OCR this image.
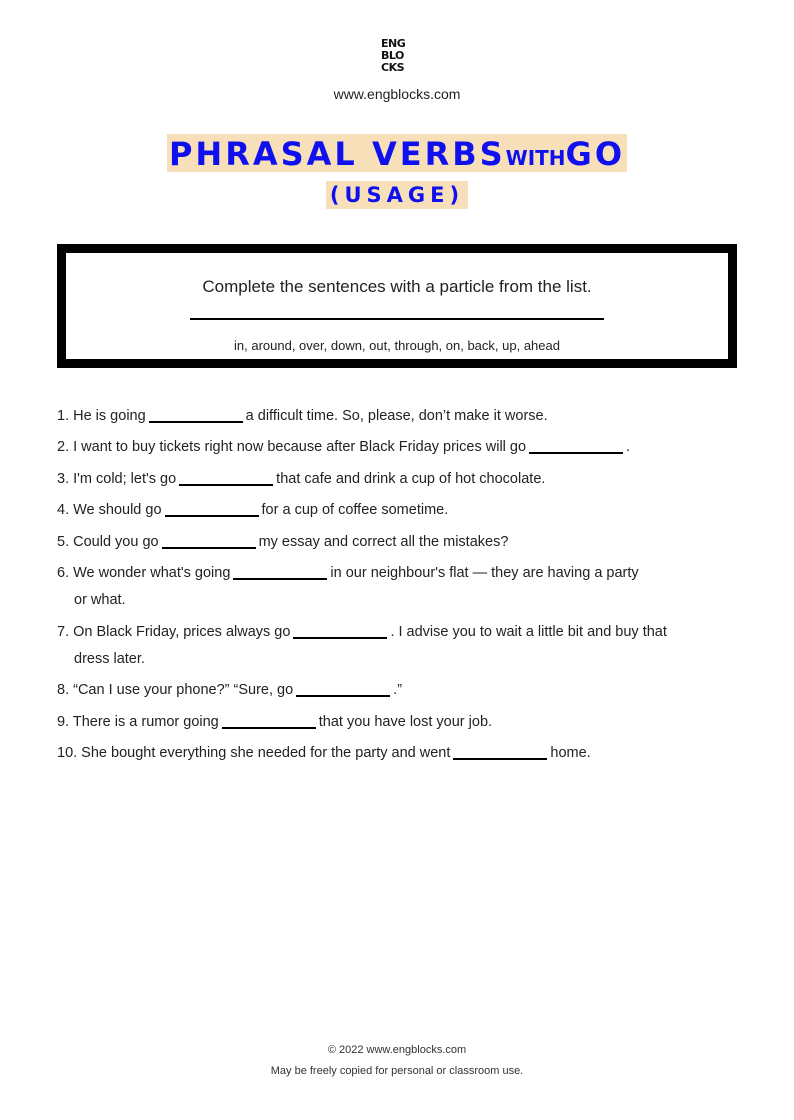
ENG
BLO
CKS
www.engblocks.com
PHRASAL VERBSWITHGO
(USAGE)
Complete the sentences with a particle from the list.
in, around, over, down, out, through, on, back, up, ahead
1. He is going	a difficult time. So, please, don’t make it worse.
2. I want to buy tickets right now because after Black Friday prices will go	.
3. I'm cold; let's go	that cafe and drink a cup of hot chocolate.
4. We should go	for a cup of coffee sometime.
5. Could you go	my essay and correct all the mistakes?
6. We wonder what's going	in our neighbour's flat — they are having a party
or what.
7. On Black Friday, prices always go	. I advise you to wait a little bit and buy that
dress later.
8. “Can I use your phone?” “Sure, go	.”
9. There is a rumor going	that you have lost your job.
10. She bought everything she needed for the party and went	home.
© 2022 www.engblocks.com
May be freely copied for personal or classroom use.
